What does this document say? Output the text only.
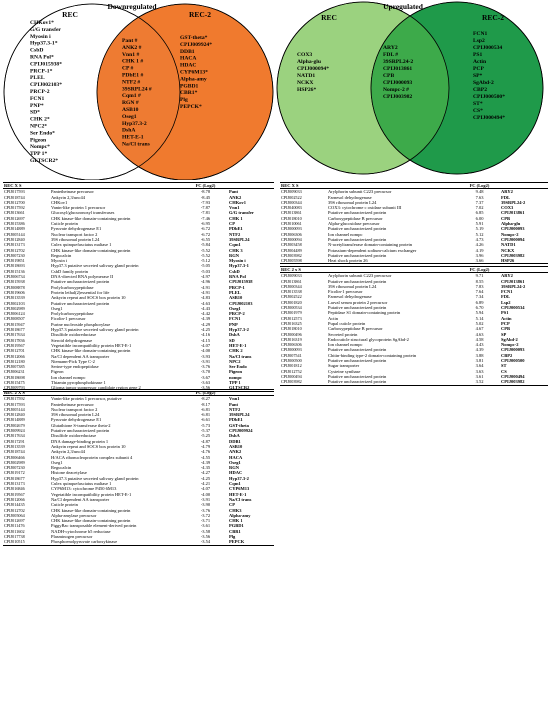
Downregulated
REC	REC-2
CHKov1*
G/G transfer
Myosin i
Hyp37.3-1*
CsbD
RNA Pol*
CPIJ015938*
PRCP-1*
PLEL
CPIJ002103*
PRCP-2
FCN1
PNP*
SD*
CHK 2*
NPC2*
Ser Endo*
Pigeon
Nompc*
TPP 1*
GLTSCR2*
Pant #
ANK2 #
Vnn1 #
CHK 1 #
CP #
PDbE1 #
NTF2 #
39SRPL24 #
Cqm1 #
RGN #
ASB10
Oseg1
Hyp37.3-2
DshA
HET-E-1
Na/Cl trans
GST-theta*
CPIJ009924*
DDB1
HACA
HDAC
CYP6M13*
Alpha-amy
PGBD1
CBR1*
Plg
PEPCK*
Upregulated
REC	REC-2
COX3
Alpha-glu
CPIJ000094*
NATD1
NCKX
HSP26*
ARY2
FDL #
39SRPL24-2
CPIJ013861
CPB
CPIJ000093
Nompc-2 #
CPIJ003982
FCN1
Lsp2
CPIJ000534
PS1
Actin
PCP
SP*
SgAbd-2
CBP2
CPIJ000500*
ST*
CS*
CPIJ000494*
REC X S		FC (Log2)	
CPIJ017593	Pantetheinase precursor	-8.78	Pant
CPIJ018744	Ankyrin 2,3/unc44	-8.45	ANK2
CPIJ012700	CHKov1	-7.93	CHKov1
CPIJ017592	Vanin-like protein 1 precursor	-7.87	Vnn1
CPIJ013661	Glucosyl/glucuronosyl transferases	-7.81	G/G transfer
CPIJ012697	CHK kinase-like domain-containing protein	-7.46	CHK 1
CPIJ015386	Cuticle protein	-6.95	CP
CPIJ014889	Pyruvate dehydrogenase E1	-6.72	PDbE1
CPIJ005144	Nuclear transport factor 2	-6.72	NTF2
CPIJ012840	39S ribosomal protein L24	-6.55	39SRPL24
CPIJ013173	Culex quinquefasciatus maltase 1	-5.84	Cqm1
CPIJ012702	CHK kinase-like domain-containing protein	-5.52	CHK 3
CPIJ007230	Regucalcin	-5.52	RGN
CPIJ019851	Myosin i	-5.12	Myosin i
CPIJ018693	Hyp37.3 putative secreted salivary gland protein	-5.05	Hyp37.3-1
CPIJ015136	CsbD family protein	-5.03	CsbD
CPIJ006734	DNA-directed RNA polymerase II	-4.97	RNA Pol
CPIJ015938	Putative uncharacterized protein	-4.96	CPIJ015938
CPIJ008878	Prolylcarboxypeptidase	-4.91	PRCP-1
CPIJ019606	Protein lethal(2)essential for life	-4.91	PLEL
CPIJ013539	Ankyrin repeat and SOCS box protein 10	-4.83	ASB10
CPIJ002103	Putative uncharacterized protein	-4.63	CPIJ002103
CPIJ002989	Oseg1	-4.43	Oseg1
CPIJ006124	Prolylcarboxypeptidase	-4.42	PRCP-2
CPIJ008507	Ficolin-1 precursor	-4.39	FCN1
CPIJ015947	Purine nucleoside phosphorylase	-4.29	PNP
CPIJ018677	Hyp37.3 putative secreted salivary gland protein	-4.25	Hyp37.3-2
CPIJ017634	Disulfide oxidoreductase	-4.16	DshA
CPIJ017836	Steroid dehydrogenase	-4.15	SD
CPIJ019567	Vegetatible incompatibility protein HET-E-1	-4.07	HET-E-1
CPIJ012701	CHK kinase-like domain-containing protein	-4.00	CHK 2
CPIJ012066	Na/Cl dependent AA transporter	-3.93	Na/Cl trans
CPIJ012180	Niemann-Pick Type C-2	-3.91	NPC2
CPIJ007385	Serine-type endopeptidase	-3.76	Ser Endo
CPIJ006231	Pigeon	-3.70	Pigeon
CPIJ018698	Ion channel nompc	-3.67	nompc
CPIJ015475	Thiamin pyrophosphokinase 1	-3.63	TPP 1
CPIJ009793	Glioma tumor suppressor candidate region gene 2	-3.56	GLTSCR2
REC 2 X S		FC (Log2)	
CPIJ017592	Vanin-like protein 1 precursor, putative	-8.27	Vnn1
CPIJ017593	Pantetheinase precursor	-8.17	Pant
CPIJ005144	Nuclear transport factor 2	-6.81	NTF2
CPIJ012840	39S ribosomal protein L24	-6.81	39SRPL24
CPIJ014889	Pyruvate dehydrogenase E1	-6.61	PDbE1
CPIJ002679	Glutathione S-transferase theta-2	-5.73	GST-theta
CPIJ009924	Putative uncharacterized protein	-5.37	CPIJ009924
CPIJ017634	Disulfide oxidoreductase	-5.25	DshA
CPIJ017291	DNA damage-binding protein 1	-4.87	DDB1
CPIJ013539	Ankyrin repeat and SOCS box protein 10	-4.79	ASB10
CPIJ018744	Ankyrin 2,3/unc44	-4.76	ANK2
CPIJ006466	H/ACA ribonucleoprotein complex subunit 4	-4.55	HACA
CPIJ002989	Oseg1	-4.39	Oseg1
CPIJ007230	Regucalcin	-4.35	RGN
CPIJ019172	Histone deacetylase	-4.27	HDAC
CPIJ018677	Hyp37.3 putative secreted salivary gland protein	-4.25	Hyp37.3-2
CPIJ013173	Culex quinquefasciatus maltase 1	-4.21	Cqm1
CPIJ016846	CYP6M13: cytochrome P450 6M13	-4.07	CYP6M13
CPIJ019567	Vegetatible incompatibility protein HET-E-1	-4.00	HET-E-1
CPIJ012066	Na/Cl dependent AA transporter	-3.91	Na/Cl trans
CPIJ014435	Cuticle protein	-3.90	CP
CPIJ012702	CHK kinase-like domain-containing protein	-3.76	CHK3
CPIJ005064	Alpha-amylase precursor	-3.72	Alpha-amy
CPIJ012697	CHK kinase-like domain-containing protein	-3.71	CHK 1
CPIJ011476	PiggyBac transposable element-derived protein	-3.61	PGBD1
CPIJ011602	NADH-cytochrome b5 reductase	-3.58	CBR1
CPIJ017738	Plasminogen precursor	-3.56	Plg
CPIJ010515	Phosphoenolpyruvate carboxykinase	-3.54	PEPCK
REC X S		FC (Log2)	
CPIJ009033	Arylphorin subunit C223 precursor	9.48	ARY2
CPIJ002522	Farnesol dehydrogenase	7.63	FDL
CPIJ000344	39S ribosomal protein L24	7.37	39SRPL24-2
CPIJ040083	COX3: cytochrome c oxidase subunit III	7.02	COX3
CPIJ013861	Putative uncharacterized protein	6.85	CPIJ013861
CPIJ018010	Carboxypeptidase B precursor	6.00	CPB
CPIJ010061	Alpha-glucosidase precursor	5.91	Alpha-glu
CPIJ000093	Putative uncharacterized protein	5.19	CPIJ000093
CPIJ006306	Ion channel nompc	5.12	Nompc-2
CPIJ000094	Putative uncharacterized protein	4.73	CPIJ000094
CPIJ003458	N-acetyltransferase domain-containing protein	4.26	NATD1
CPIJ004489	Potassium-dependent sodium-calcium exchanger	4.19	NCKX
CPIJ003982	Putative uncharacterized protein	3.96	CPIJ003982
CPIJ005598	Heat shock protein 26	3.66	HSP26
REC 2 x S		FC (Log2)	
CPIJ009033	Arylphorin subunit C223 precursor	9.71	ARY2
CPIJ013861	Putative uncharacterized protein	8.55	CPIJ013861
CPIJ000344	39S ribosomal protein L24	7.83	39SRPL24-2
CPIJ013538	Ficolin-1 precursor	7.64	FCN1
CPIJ002522	Farnesol dehydrogenase	7.34	FDL
CPIJ001820	Larval serum protein 2 precursor	6.89	Lsp2
CPIJ000534	Putative uncharacterized protein	6.70	CPIJ000534
CPIJ001979	Peptidase S1 domain-containing protein	5.94	PS1
CPIJ012573	Actin	5.14	Actin
CPIJ016325	Pupal cuticle protein	5.02	PCP
CPIJ018010	Carboxypeptidase B precursor	4.67	CPB
CPIJ000496	Secreted protein	4.63	SP
CPIJ016319	Endocuticle structural glycoprotein SgAbd-2	4.58	SgAbd-2
CPIJ006306	Ion channel nompc	4.43	Nompc-2
CPIJ000093	Putative uncharacterized protein	4.39	CPIJ000093
CPIJ007541	Chitin-binding type-2 domain-containing protein	3.88	CBP2
CPIJ000500	Putative uncharacterized protein	3.81	CPIJ000500
CPIJ001812	Sugar transporter	3.64	ST
CPIJ012752	Cysteine synthase	3.63	CS
CPIJ000494	Putative uncharacterized protein	3.61	CPIJ000494
CPIJ003982	Putative uncharacterized protein	3.52	CPIJ003982
